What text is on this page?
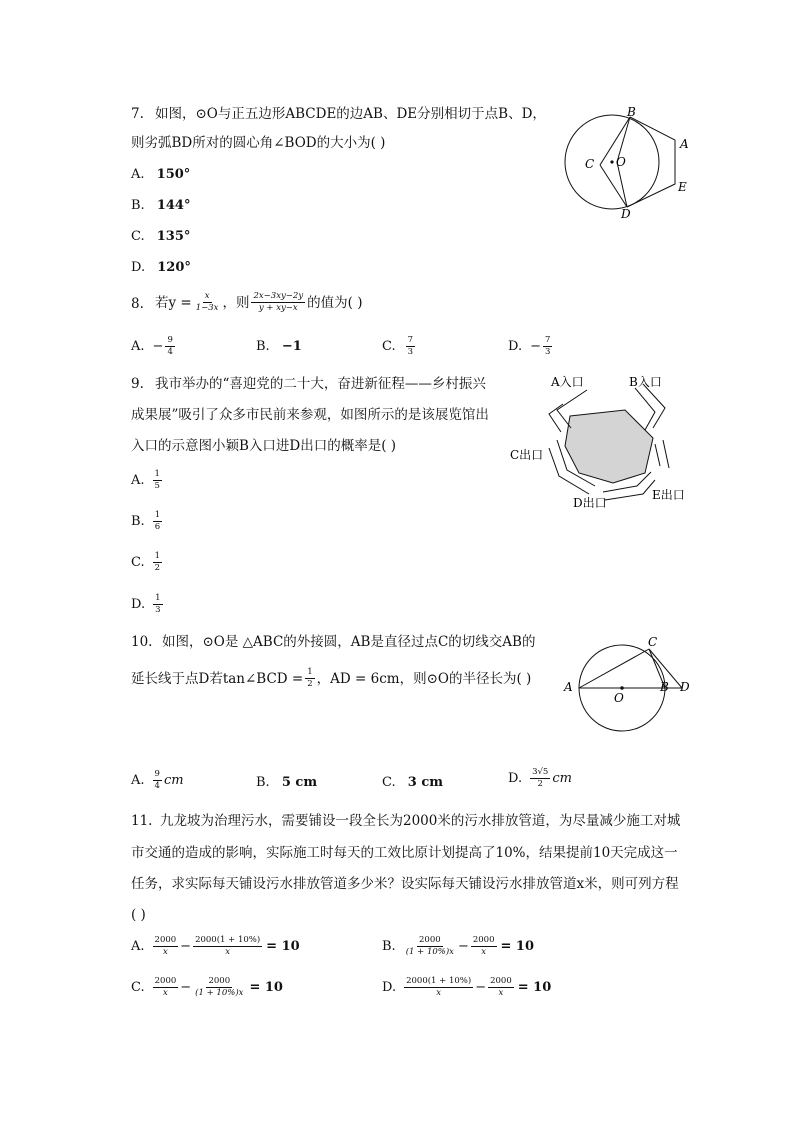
7. 如图，⊙O与正五边形ABCDE的边AB、DE分别相切于点B、D，
则劣弧BD所对的圆心角∠BOD的大小为( )
A. 150°
B. 144°
C. 135°
D. 120°
B
A
E
D
C O
8. 若$y = \frac{x}{1-3x}$ ，则 $\frac{2x-3xy-2y}{y + xy-x}$ 的值为( )
A. − $\frac{9}{4}$	B. −1	C. $\frac{7}{3}$	D. − $\frac{7}{3}$
9. 我市举办的“喜迎党的二十大，奋进新征程——乡村振兴
成果展”吸引了众多市民前来参观，如图所示的是该展览馆出
入口的示意图小颖B入口进D出口的概率是( )
A. $\frac{1}{5}$
B. $\frac{1}{6}$
C. $\frac{1}{2}$
D. $\frac{1}{3}$
A入口	B入口
C出口
D出口
E出口
10. 如图，⊙O是 △ABC的外接圆，AB是直径过点C的切线交AB的
延长线于点D若tan∠BCD = $\frac{1}{2}$ ，AD = 6cm，则⊙O的半径长为( )
A. $\frac{9}{4}$ cm	B. 5 cm	C. 3 cm	D. $\frac{3√5}{2}$ cm
C
A
O
B D
11. 九龙坡为治理污水，需要铺设一段全长为2000米的污水排放管道，为尽量减少施工对城
市交通的造成的影响，实际施工时每天的工效比原计划提高了10%，结果提前10天完成这一
任务，求实际每天铺设污水排放管道多少米？设实际每天铺设污水排放管道x米，则可列方程
( )
A. $\frac{2000}{x} - \frac{2000(1 + 10\%)}{x} = 10$	B. $\frac{2000}{(1 + 10\%)x} - \frac{2000}{x} = 10$
C. $\frac{2000}{x} - \frac{2000}{(1 + 10\%)x} = 10$	D. $\frac{2000(1 + 10\%)}{x} - \frac{2000}{x} = 10$
